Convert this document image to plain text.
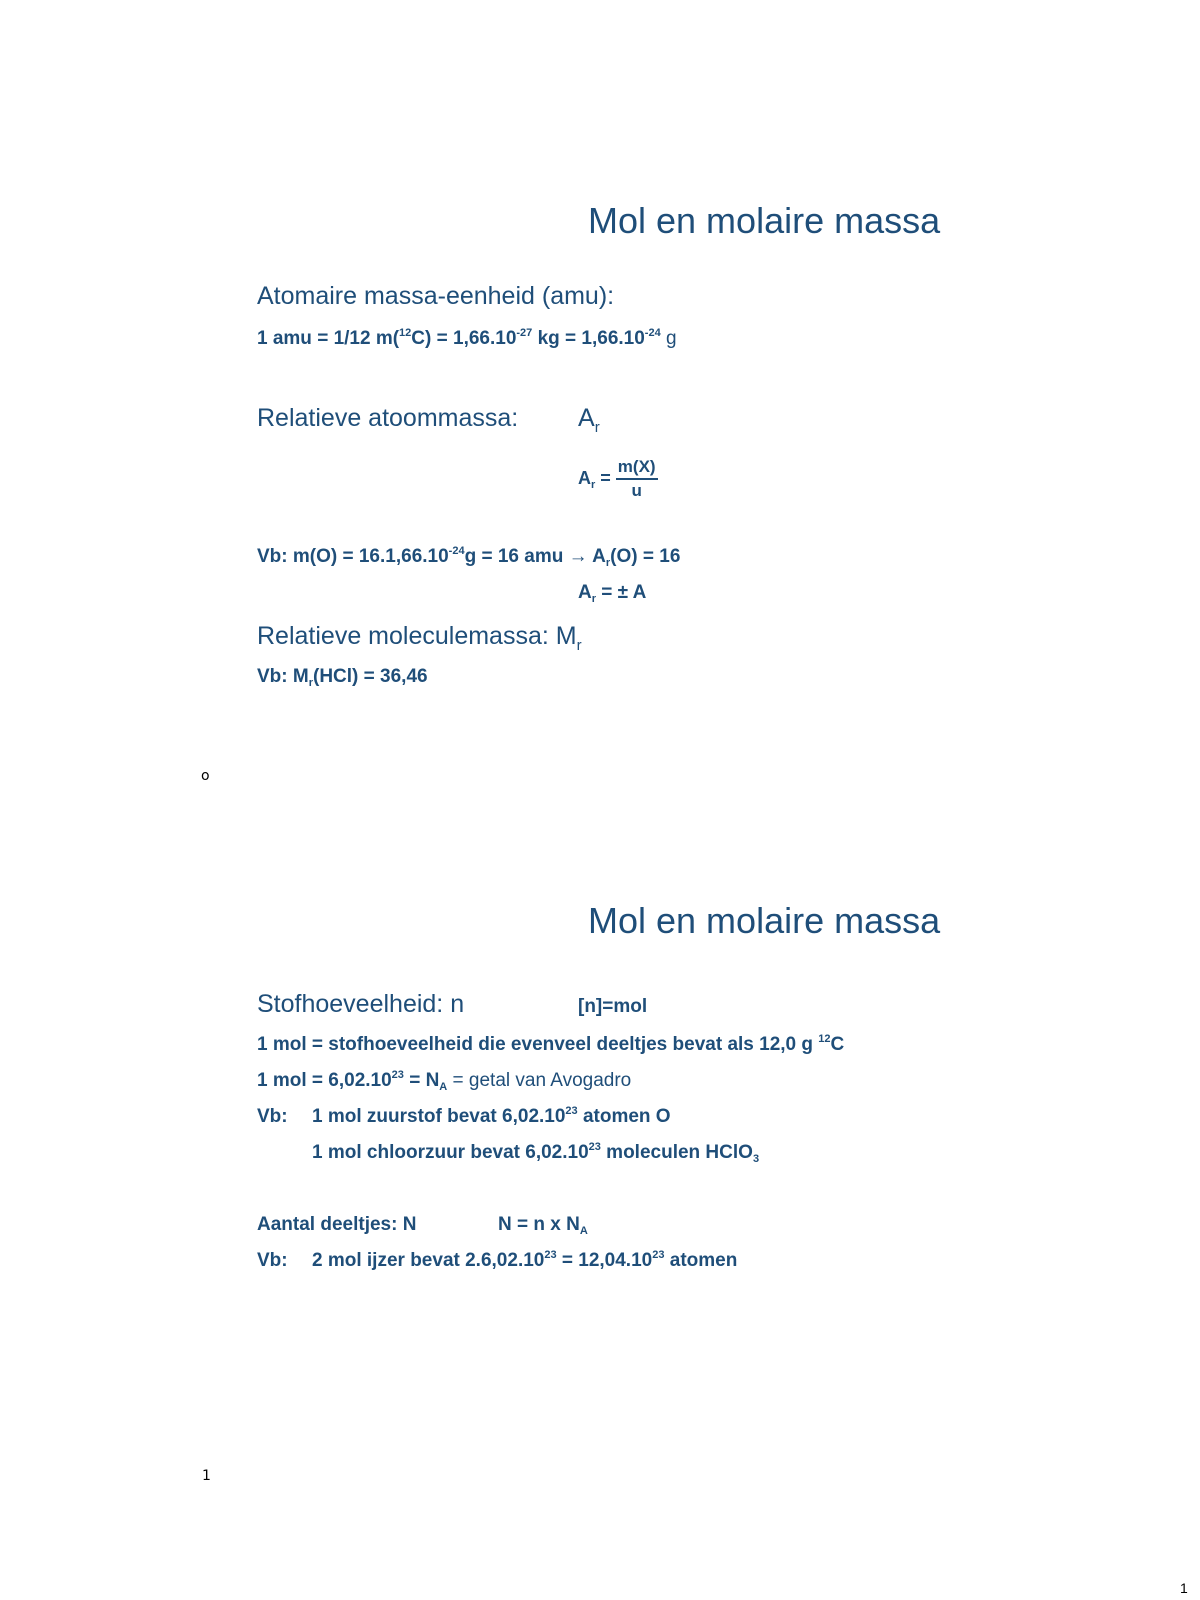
Mol en molaire massa
Atomaire massa-eenheid (amu):
1 amu = 1/12 $m(^{12}C) = 1,66.10^{-27}$ kg = $1,66.10^{-24}$ g
Relatieve atoommassa: $A_r$
$A_r = \frac{m(X)}{u}$
Vb: $m(O) = 16.1,66.10^{-24}g = 16$ amu → $A_r(O) = 16$
$A_r$ = ± A
Relatieve moleculemassa: $M_r$
Vb: $M_r(HCl) = 36,46$
o
Mol en molaire massa
Stofhoeveelheid: n	[n]=mol
1 mol = stofhoeveelheid die evenveel deeltjes bevat als 12,0 g $^{12}$C
1 mol = $6,02.10^{23} = N_A$ = getal van Avogadro
Vb: 1 mol zuurstof bevat 6,02.10$^{23}$ atomen O
1 mol chloorzuur bevat 6,02.10$^{23}$ moleculen HClO$_3$
Aantal deeltjes: N	N = n x $N_A$
Vb: 2 mol ijzer bevat $2.6,02.10^{23} = 12,04.10^{23}$ atomen
1
1
